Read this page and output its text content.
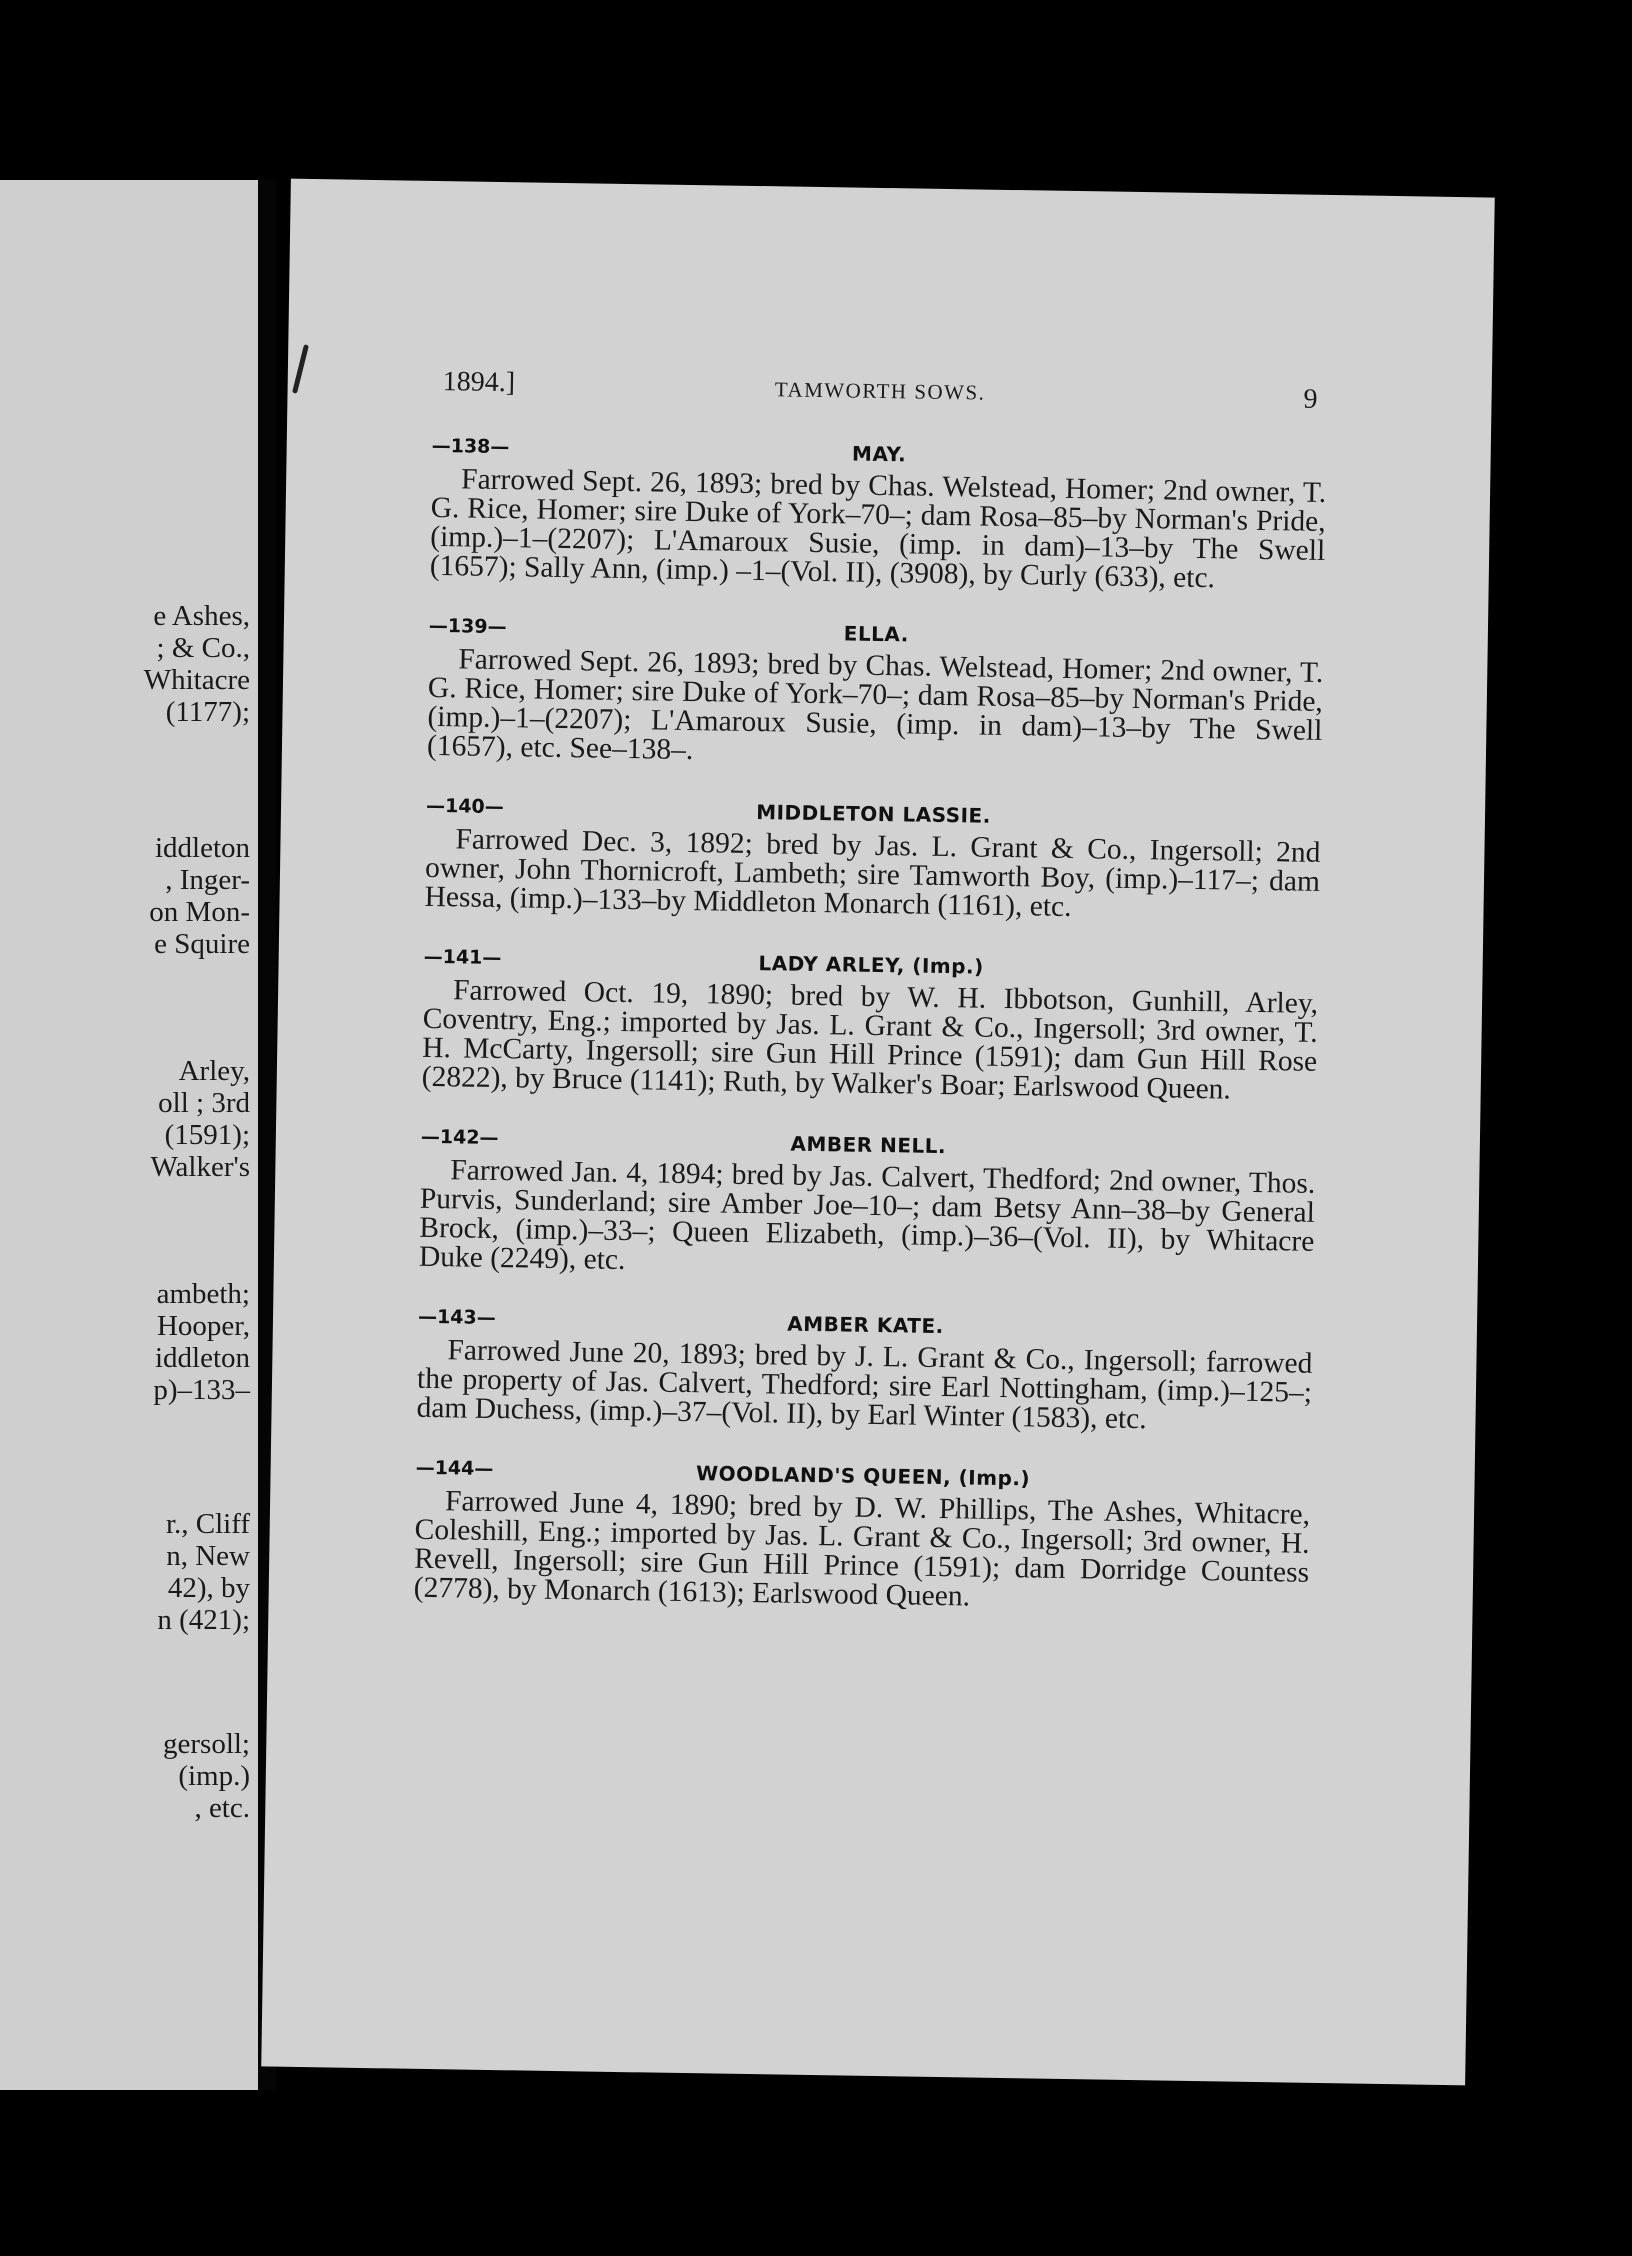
e Ashes,
; & Co.,
Whitacre
(1177);
iddleton
, Inger-
on Mon-
e Squire
Arley,
oll ; 3rd
(1591);
Walker's
ambeth;
Hooper,
iddleton
p)–133–
r., Cliff
n, New
42), by
n (421);
gersoll;
(imp.)
, etc.
1894.]	TAMWORTH SOWS.	9
—138—	MAY.

Farrowed Sept. 26, 1893; bred by Chas. Welstead, Homer; 2nd owner, T. G. Rice, Homer; sire Duke of York–70–; dam Rosa–85–by Norman's Pride, (imp.)–1–(2207); L'Amaroux Susie, (imp. in dam)–13–by The Swell (1657); Sally Ann, (imp.) –1–(Vol. II), (3908), by Curly (633), etc.

—139—	ELLA.

Farrowed Sept. 26, 1893; bred by Chas. Welstead, Homer; 2nd owner, T. G. Rice, Homer; sire Duke of York–70–; dam Rosa–85–by Norman's Pride, (imp.)–1–(2207); L'Amaroux Susie, (imp. in dam)–13–by The Swell (1657), etc. See–138–.

—140—	MIDDLETON LASSIE.

Farrowed Dec. 3, 1892; bred by Jas. L. Grant & Co., Ingersoll; 2nd owner, John Thornicroft, Lambeth; sire Tamworth Boy, (imp.)–117–; dam Hessa, (imp.)–133–by Middleton Monarch (1161), etc.

—141—	LADY ARLEY, (Imp.)

Farrowed Oct. 19, 1890; bred by W. H. Ibbotson, Gunhill, Arley, Coventry, Eng.; imported by Jas. L. Grant & Co., Ingersoll; 3rd owner, T. H. McCarty, Ingersoll; sire Gun Hill Prince (1591); dam Gun Hill Rose (2822), by Bruce (1141); Ruth, by Walker's Boar; Earlswood Queen.

—142—	AMBER NELL.

Farrowed Jan. 4, 1894; bred by Jas. Calvert, Thedford; 2nd owner, Thos. Purvis, Sunderland; sire Amber Joe–10–; dam Betsy Ann–38–by General Brock, (imp.)–33–; Queen Elizabeth, (imp.)–36–(Vol. II), by Whitacre Duke (2249), etc.

—143—	AMBER KATE.

Farrowed June 20, 1893; bred by J. L. Grant & Co., Ingersoll; farrowed the property of Jas. Calvert, Thedford; sire Earl Nottingham, (imp.)–125–; dam Duchess, (imp.)–37–(Vol. II), by Earl Winter (1583), etc.

—144—	WOODLAND'S QUEEN, (Imp.)

Farrowed June 4, 1890; bred by D. W. Phillips, The Ashes, Whitacre, Coleshill, Eng.; imported by Jas. L. Grant & Co., Ingersoll; 3rd owner, H. Revell, Ingersoll; sire Gun Hill Prince (1591); dam Dorridge Countess (2778), by Monarch (1613); Earlswood Queen.
